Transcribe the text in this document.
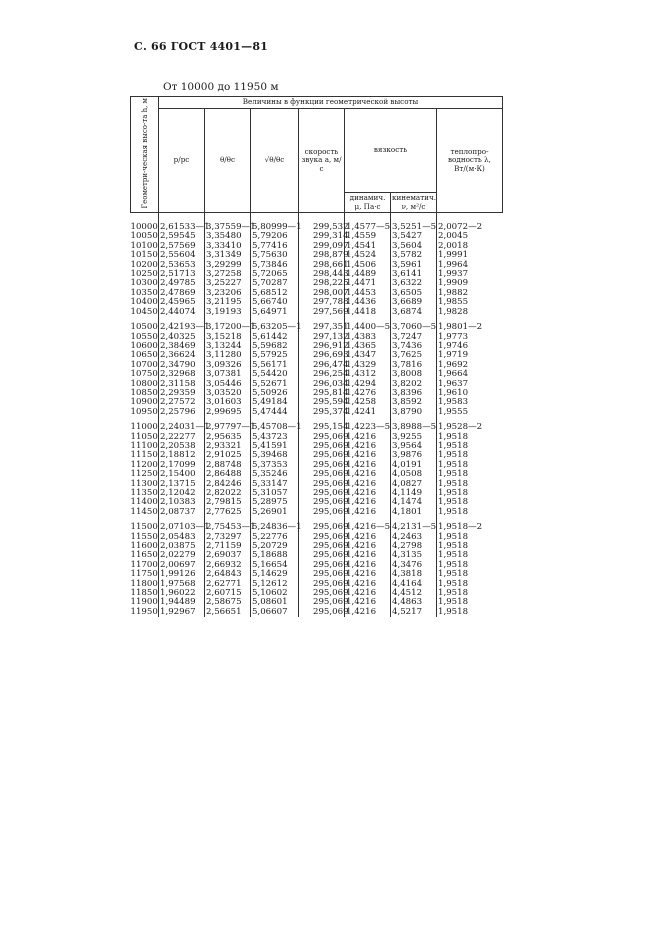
С. 66 ГОСТ 4401—81
От 10000 до 11950 м
Геометри-ческая высо-та h, м	Величины в функции геометрической высоты						
	p/pc	θ/θc	√θ/θc	скорость звука a, м/с	вязкость		теплопро-водность λ, Вт/(м·К)
					динамич. μ, Па·с	кинематич. ν, м²/с	
10000	2,61533—1	3,37559—1	5,80999—1	299,532	1,4577—5	3,5251—5	2,0072—2
10050	2,59545	3,35480	5,79206	299,314	1,4559	3,5427	2,0045
10100	2,57569	3,33410	5,77416	299,097	1,4541	3,5604	2,0018
10150	2,55604	3,31349	5,75630	298,879	1,4524	3,5782	1,9991
10200	2,53653	3,29299	5,73846	298,661	1,4506	3,5961	1,9964
10250	2,51713	3,27258	5,72065	298,443	1,4489	3,6141	1,9937
10300	2,49785	3,25227	5,70287	298,225	1,4471	3,6322	1,9909
10350	2,47869	3,23206	5,68512	298,007	1,4453	3,6505	1,9882
10400	2,45965	3,21195	5,66740	297,788	1,4436	3,6689	1,9855
10450	2,44074	3,19193	5,64971	297,569	1,4418	3,6874	1,9828

10500	2,42193—1	3,17200—1	5,63205—1	297,351	1,4400—5	3,7060—5	1,9801—2
10550	2,40325	3,15218	5,61442	297,132	1,4383	3,7247	1,9773
10600	2,38469	3,13244	5,59682	296,912	1,4365	3,7436	1,9746
10650	2,36624	3,11280	5,57925	296,693	1,4347	3,7625	1,9719
10700	2,34790	3,09326	5,56171	296,474	1,4329	3,7816	1,9692
10750	2,32968	3,07381	5,54420	296,254	1,4312	3,8008	1,9664
10800	2,31158	3,05446	5,52671	296,034	1,4294	3,8202	1,9637
10850	2,29359	3,03520	5,50926	295,814	1,4276	3,8396	1,9610
10900	2,27572	3,01603	5,49184	295,594	1,4258	3,8592	1,9583
10950	2,25796	2,99695	5,47444	295,374	1,4241	3,8790	1,9555

11000	2,24031—1	2,97797—1	5,45708—1	295,154	1,4223—5	3,8988—5	1,9528—2
11050	2,22277	2,95635	5,43723	295,069	1,4216	3,9255	1,9518
11100	2,20538	2,93321	5,41591	295,069	1,4216	3,9564	1,9518
11150	2,18812	2,91025	5,39468	295,069	1,4216	3,9876	1,9518
11200	2,17099	2,88748	5,37353	295,069	1,4216	4,0191	1,9518
11250	2,15400	2,86488	5,35246	295,069	1,4216	4,0508	1,9518
11300	2,13715	2,84246	5,33147	295,069	1,4216	4,0827	1,9518
11350	2,12042	2,82022	5,31057	295,069	1,4216	4,1149	1,9518
11400	2,10383	2,79815	5,28975	295,069	1,4216	4,1474	1,9518
11450	2,08737	2,77625	5,26901	295,069	1,4216	4,1801	1,9518

11500	2,07103—1	2,75453—1	5,24836—1	295,069	1,4216—5	4,2131—5	1,9518—2
11550	2,05483	2,73297	5,22776	295,069	1,4216	4,2463	1,9518
11600	2,03875	2,71159	5,20729	295,069	1,4216	4,2798	1,9518
11650	2,02279	2,69037	5,18688	295,069	1,4216	4,3135	1,9518
11700	2,00697	2,66932	5,16654	295,069	1,4216	4,3476	1,9518
11750	1,99126	2,64843	5,14629	295,069	1,4216	4,3818	1,9518
11800	1,97568	2,62771	5,12612	295,069	1,4216	4,4164	1,9518
11850	1,96022	2,60715	5,10602	295,069	1,4216	4,4512	1,9518
11900	1,94489	2,58675	5,08601	295,069	1,4216	4,4863	1,9518
11950	1,92967	2,56651	5,06607	295,069	1,4216	4,5217	1,9518
